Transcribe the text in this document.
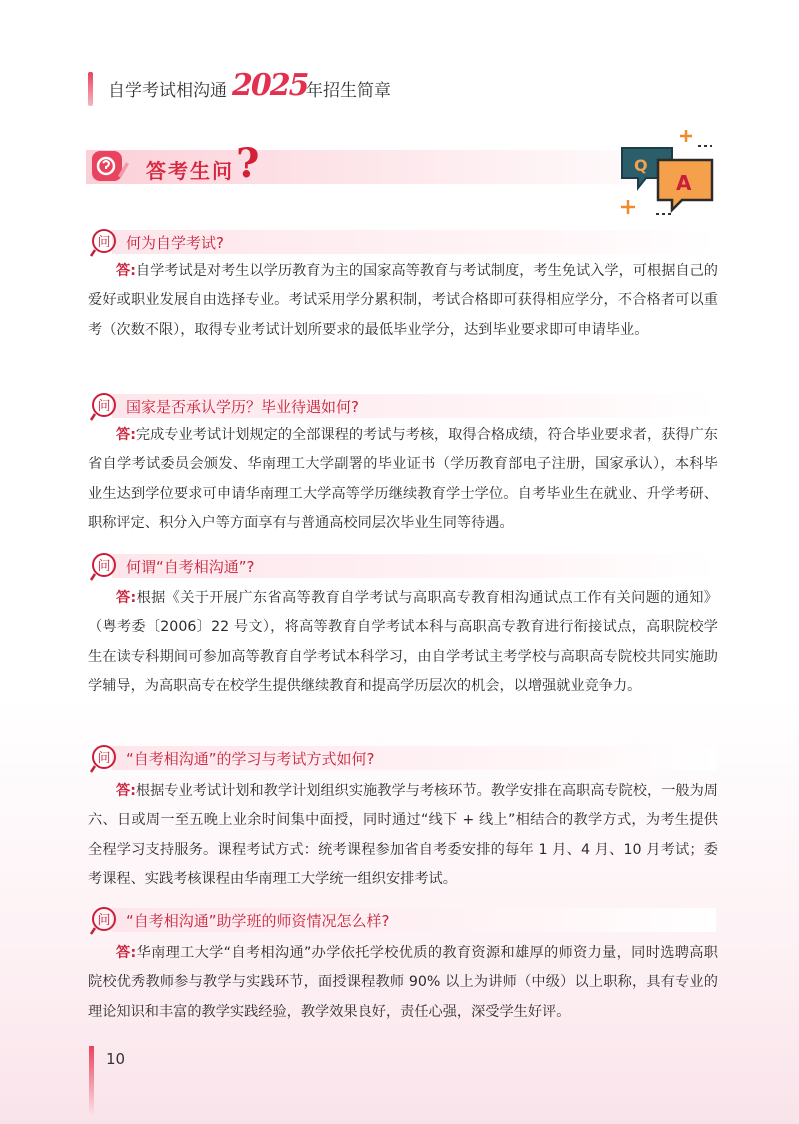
自学考试相沟通 2025
年招生简章
答考生问 ?	Q
A
问 何为自学考试?
答:自学考试是对考生以学历教育为主的国家高等教育与考试制度，考生免试入学，可根据自己的爱好或职业发展自由选择专业。考试采用学分累积制，考试合格即可获得相应学分，不合格者可以重考（次数不限），取得专业考试计划所要求的最低毕业学分，达到毕业要求即可申请毕业。
问 国家是否承认学历？毕业待遇如何?
答:完成专业考试计划规定的全部课程的考试与考核，取得合格成绩，符合毕业要求者，获得广东省自学考试委员会颁发、华南理工大学副署的毕业证书（学历教育部电子注册，国家承认），本科毕业生达到学位要求可申请华南理工大学高等学历继续教育学士学位。自考毕业生在就业、升学考研、职称评定、积分入户等方面享有与普通高校同层次毕业生同等待遇。
问 何谓“自考相沟通”?
答:根据《关于开展广东省高等教育自学考试与高职高专教育相沟通试点工作有关问题的通知》（粤考委〔2006〕22 号文），将高等教育自学考试本科与高职高专教育进行衔接试点，高职院校学生在读专科期间可参加高等教育自学考试本科学习，由自学考试主考学校与高职高专院校共同实施助学辅导，为高职高专在校学生提供继续教育和提高学历层次的机会，以增强就业竞争力。
问 “自考相沟通”的学习与考试方式如何?
答:根据专业考试计划和教学计划组织实施教学与考核环节。教学安排在高职高专院校，一般为周六、日或周一至五晚上业余时间集中面授，同时通过“线下 + 线上”相结合的教学方式，为考生提供全程学习支持服务。课程考试方式：统考课程参加省自考委安排的每年 1 月、4 月、10 月考试；委考课程、实践考核课程由华南理工大学统一组织安排考试。
问 “自考相沟通”助学班的师资情况怎么样?
答:华南理工大学“自考相沟通”办学依托学校优质的教育资源和雄厚的师资力量，同时选聘高职院校优秀教师参与教学与实践环节，面授课程教师 90% 以上为讲师（中级）以上职称，具有专业的理论知识和丰富的教学实践经验，教学效果良好，责任心强，深受学生好评。
10
